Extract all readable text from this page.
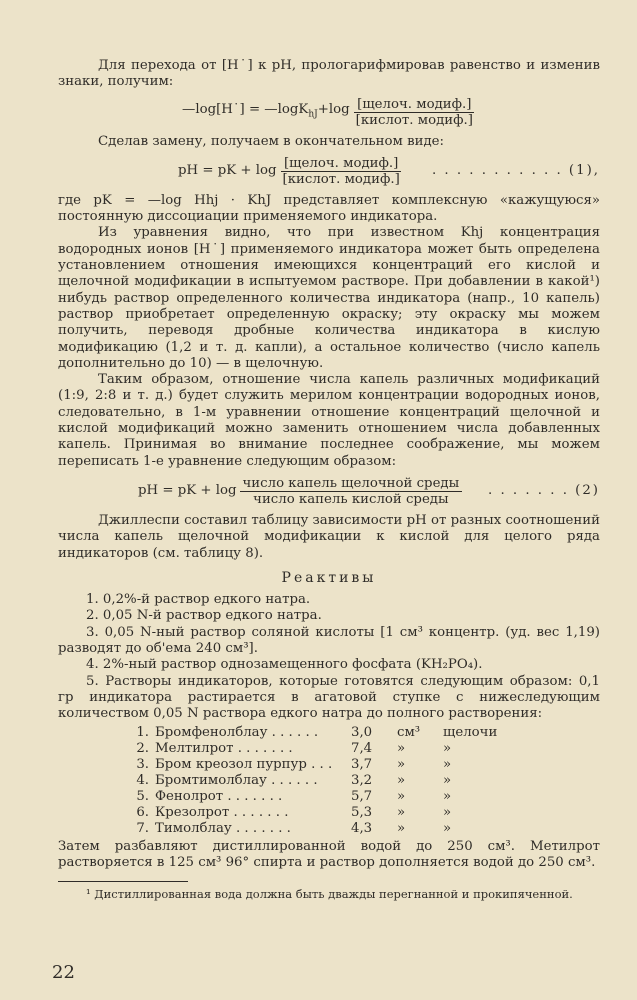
Для перехода от [H˙] к pH, прологарифмировав равенство и изменив знаки, получим:

—log[H˙] = —logK$_{hJ}$+log $\frac{\text{[щелоч. модиф.]}}{\text{[кислот. модиф.]}}$

Сделав замену, получаем в окончательном виде:

pH = pK + $\log \frac{\text{[щелоч. модиф.]}}{\text{[кислот. модиф.]}}$	. . . . . . . . . . . (1),

где pK = —log Hhj · KhJ представляет комплексную «кажущуюся» постоянную диссоциации применяемого индикатора.

Из уравнения видно, что при известном Khj концентрация водородных ионов [H˙] применяемого индикатора может быть определена установлением отношения имеющихся концентраций его кислой и щелочной модификации в испытуемом растворе. При добавлении в какой¹) нибудь раствор определенного количества индикатора (напр., 10 капель) раствор приобретает определенную окраску; эту окраску мы можем получить, переводя дробные количества индикатора в кислую модификацию (1,2 и т. д. капли), а остальное количество (число капель дополнительно до 10) — в щелочную.

Таким образом, отношение числа капель различных модификаций (1:9, 2:8 и т. д.) будет служить мерилом концентрации водородных ионов, следовательно, в 1-м уравнении отношение концентраций щелочной и кислой модификаций можно заменить отношением числа добавленных капель. Принимая во внимание последнее соображение, мы можем переписать 1-е уравнение следующим образом:

pH = pK + $\log \frac{\text{число капель щелочной среды}}{\text{число капель кислой среды}}$	. . . . . . . (2)

Джиллеспи составил таблицу зависимости pH от разных соотношений числа капель щелочной модификации к кислой для целого ряда индикаторов (см. таблицу 8).

Реактивы
1. 0,2%-й раствор едкого натра.
2. 0,05 N-й раствор едкого натра.
3. 0,05 N-ный раствор соляной кислоты [1 см³ концентр. (уд. вес 1,19) разводят до об'ема 240 см³].
4. 2%-ный раствор однозамещенного фосфата (KH₂PO₄).
5. Растворы индикаторов, которые готовятся следующим образом: 0,1 гр индикатора растирается в агатовой ступке с нижеследующим количеством 0,05 N раствора едкого натра до полного растворения:
1.	Бромфенолблау . . . . . .	3,0	см³	щелочи
2.	Мелтилрот . . . . . . .	7,4	»	»
3.	Бром креозол пурпур . . .	3,7	»	»
4.	Бромтимолблау . . . . . .	3,2	»	»
5.	Фенолрот . . . . . . .	5,7	»	»
6.	Крезолрот . . . . . . .	5,3	»	»
7.	Тимолблау . . . . . . .	4,3	»	»

Затем разбавляют дистиллированной водой до 250 см³. Метилрот растворяется в 125 см³ 96° спирта и раствор дополняется водой до 250 см³.

¹ Дистиллированная вода должна быть дважды перегнанной и прокипяченной.

22
